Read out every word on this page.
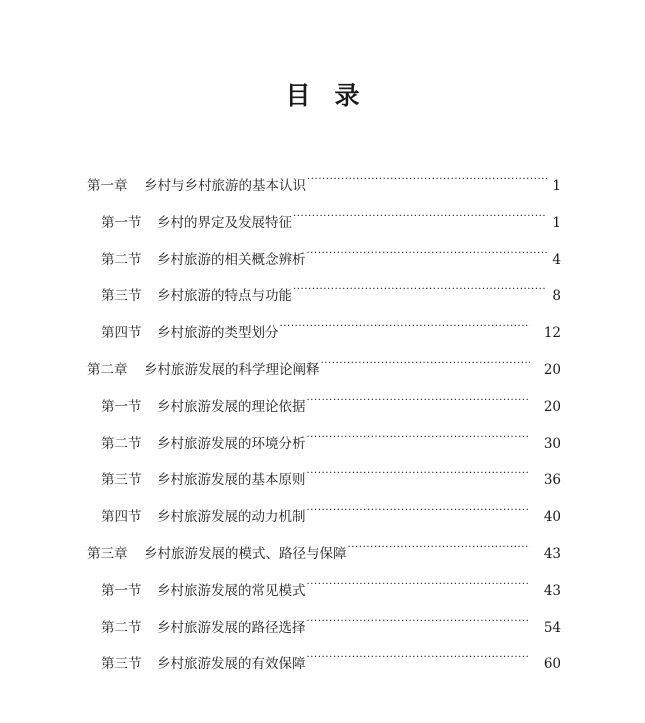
目 录
第一章	乡村与乡村旅游的基本认识 ·····	1
第一节	乡村的界定及发展特征 ·····	1
第二节	乡村旅游的相关概念辨析 ·····	4
第三节	乡村旅游的特点与功能 ·····	8
第四节	乡村旅游的类型划分 ·····	12
第二章	乡村旅游发展的科学理论阐释 ·····	20
第一节	乡村旅游发展的理论依据 ·····	20
第二节	乡村旅游发展的环境分析 ·····	30
第三节	乡村旅游发展的基本原则 ·····	36
第四节	乡村旅游发展的动力机制 ·····	40
第三章	乡村旅游发展的模式、路径与保障 ·····	43
第一节	乡村旅游发展的常见模式 ·····	43
第二节	乡村旅游发展的路径选择 ·····	54
第三节	乡村旅游发展的有效保障 ·····	60
